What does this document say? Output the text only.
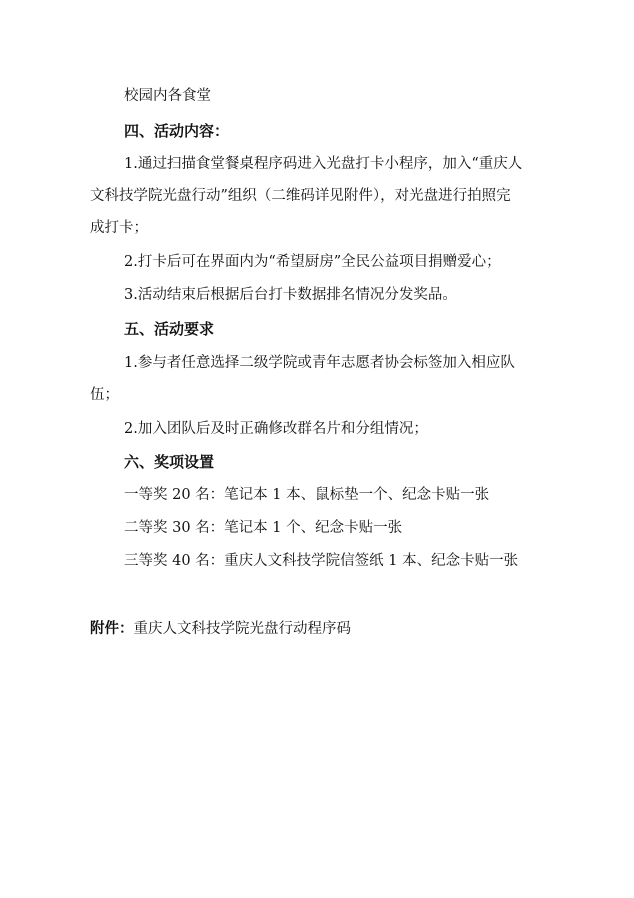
校园内各食堂
四、活动内容：
1.通过扫描食堂餐桌程序码进入光盘打卡小程序，加入“重庆人
文科技学院光盘行动”组织（二维码详见附件），对光盘进行拍照完
成打卡；
2.打卡后可在界面内为“希望厨房”全民公益项目捐赠爱心；
3.活动结束后根据后台打卡数据排名情况分发奖品。
五、活动要求
1.参与者任意选择二级学院或青年志愿者协会标签加入相应队
伍；
2.加入团队后及时正确修改群名片和分组情况；
六、奖项设置
一等奖 20 名：笔记本 1 本、鼠标垫一个、纪念卡贴一张
二等奖 30 名：笔记本 1 个、纪念卡贴一张
三等奖 40 名：重庆人文科技学院信签纸 1 本、纪念卡贴一张
附件：重庆人文科技学院光盘行动程序码
